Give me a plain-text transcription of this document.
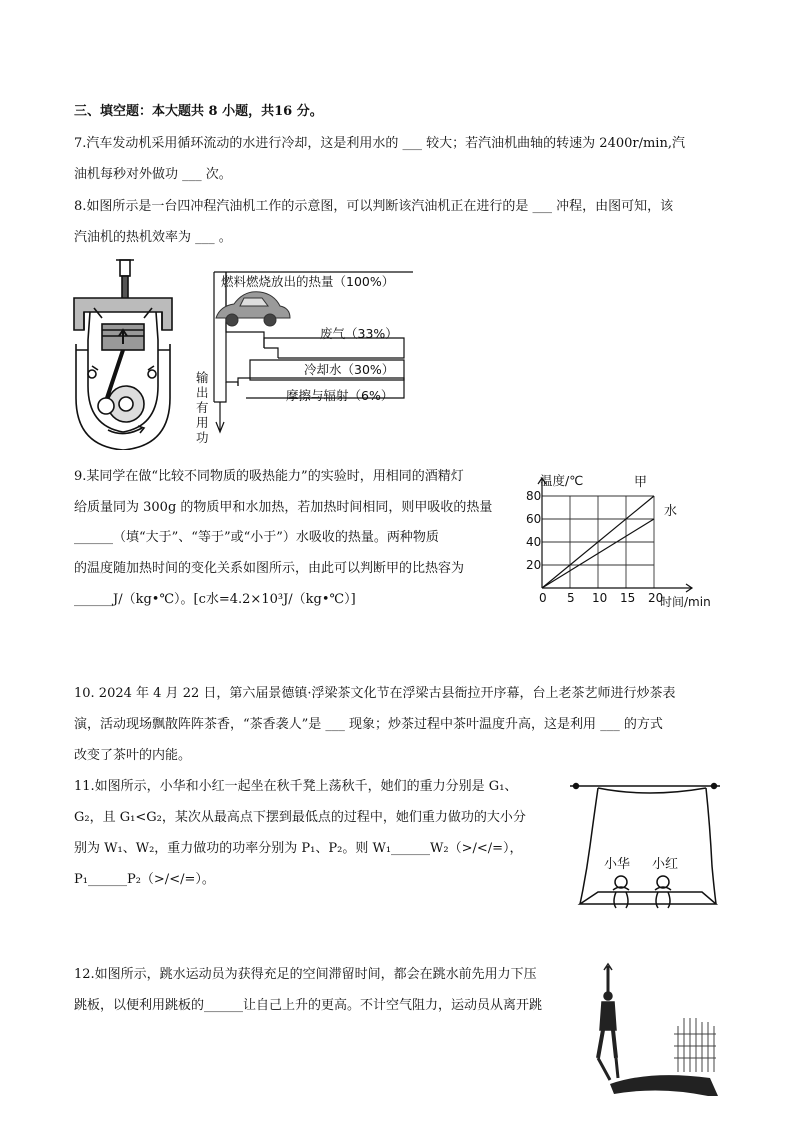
三、填空题：本大题共 8 小题，共16 分。
7.汽车发动机采用循环流动的水进行冷却，这是利用水的 ___ 较大；若汽油机曲轴的转速为 2400r/min,汽
油机每秒对外做功 ___ 次。
8.如图所示是一台四冲程汽油机工作的示意图，可以判断该汽油机正在进行的是 ___ 冲程，由图可知，该
汽油机的热机效率为 ___ 。
燃料燃烧放出的热量（100%）
废气（33%）
冷却水（30%）
摩擦与辐射（6%）
输
出
有
用
功
9.某同学在做“比较不同物质的吸热能力”的实验时，用相同的酒精灯
给质量同为 300g 的物质甲和水加热，若加热时间相同，则甲吸收的热量
______（填“大于”、“等于”或“小于”）水吸收的热量。两种物质
的温度随加热时间的变化关系如图所示，由此可以判断甲的比热容为
______J/（kg•℃）。[c水=4.2×10³J/（kg•℃）]
甲
水
0 5 10 15 20
20
40
60
80
温度/℃
时间/min
10. 2024 年 4 月 22 日，第六届景德镇·浮梁茶文化节在浮梁古县衙拉开序幕，台上老茶艺师进行炒茶表
演，活动现场飘散阵阵茶香，“茶香袭人”是 ___ 现象；炒茶过程中茶叶温度升高，这是利用 ___ 的方式
改变了茶叶的内能。
11.如图所示，小华和小红一起坐在秋千凳上荡秋千，她们的重力分别是 G₁、
G₂，且 G₁<G₂，某次从最高点下摆到最低点的过程中，她们重力做功的大小分
别为 W₁、W₂，重力做功的功率分别为 P₁、P₂。则 W₁______W₂（>/</=），
P₁______P₂（>/</=）。
小华 小红
12.如图所示，跳水运动员为获得充足的空间滞留时间，都会在跳水前先用力下压
跳板，以便利用跳板的______让自己上升的更高。不计空气阻力，运动员从离开跳
